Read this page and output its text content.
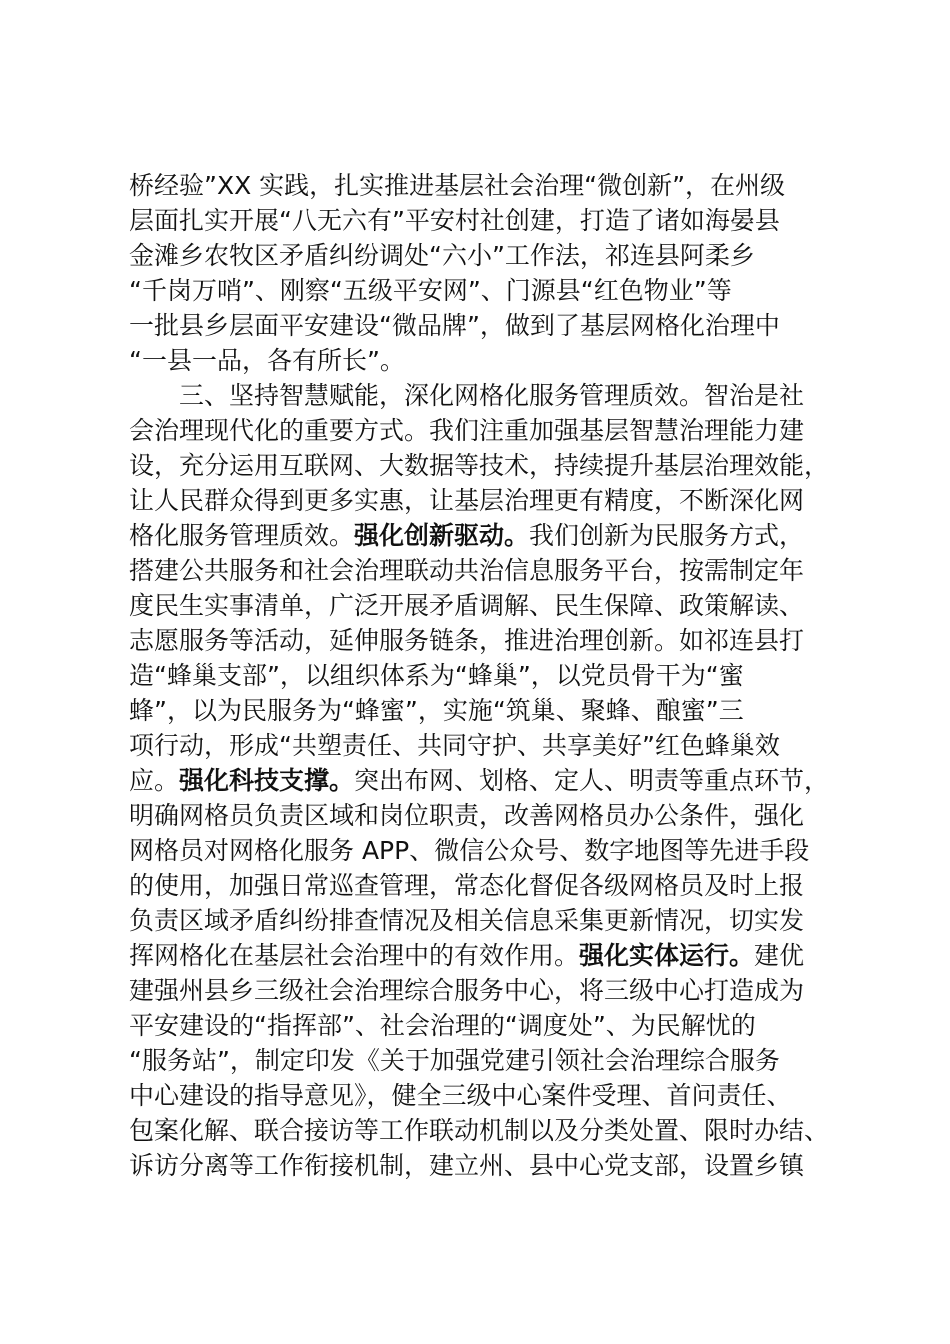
桥经验”XX 实践，扎实推进基层社会治理“微创新”，在州级
层面扎实开展“八无六有”平安村社创建，打造了诸如海晏县
金滩乡农牧区矛盾纠纷调处“六小”工作法，祁连县阿柔乡
“千岗万哨”、刚察“五级平安网”、门源县“红色物业”等
一批县乡层面平安建设“微品牌”，做到了基层网格化治理中
“一县一品，各有所长”。
　　三、坚持智慧赋能，深化网格化服务管理质效。智治是社
会治理现代化的重要方式。我们注重加强基层智慧治理能力建
设，充分运用互联网、大数据等技术，持续提升基层治理效能，
让人民群众得到更多实惠，让基层治理更有精度，不断深化网
格化服务管理质效。强化创新驱动。我们创新为民服务方式，
搭建公共服务和社会治理联动共治信息服务平台，按需制定年
度民生实事清单，广泛开展矛盾调解、民生保障、政策解读、
志愿服务等活动，延伸服务链条，推进治理创新。如祁连县打
造“蜂巢支部”，以组织体系为“蜂巢”，以党员骨干为“蜜
蜂”，以为民服务为“蜂蜜”，实施“筑巢、聚蜂、酿蜜”三
项行动，形成“共塑责任、共同守护、共享美好”红色蜂巢效
应。强化科技支撑。突出布网、划格、定人、明责等重点环节，
明确网格员负责区域和岗位职责，改善网格员办公条件，强化
网格员对网格化服务 APP、微信公众号、数字地图等先进手段
的使用，加强日常巡查管理，常态化督促各级网格员及时上报
负责区域矛盾纠纷排查情况及相关信息采集更新情况，切实发
挥网格化在基层社会治理中的有效作用。强化实体运行。建优
建强州县乡三级社会治理综合服务中心，将三级中心打造成为
平安建设的“指挥部”、社会治理的“调度处”、为民解忧的
“服务站”，制定印发《关于加强党建引领社会治理综合服务
中心建设的指导意见》，健全三级中心案件受理、首问责任、
包案化解、联合接访等工作联动机制以及分类处置、限时办结、
诉访分离等工作衔接机制，建立州、县中心党支部，设置乡镇
